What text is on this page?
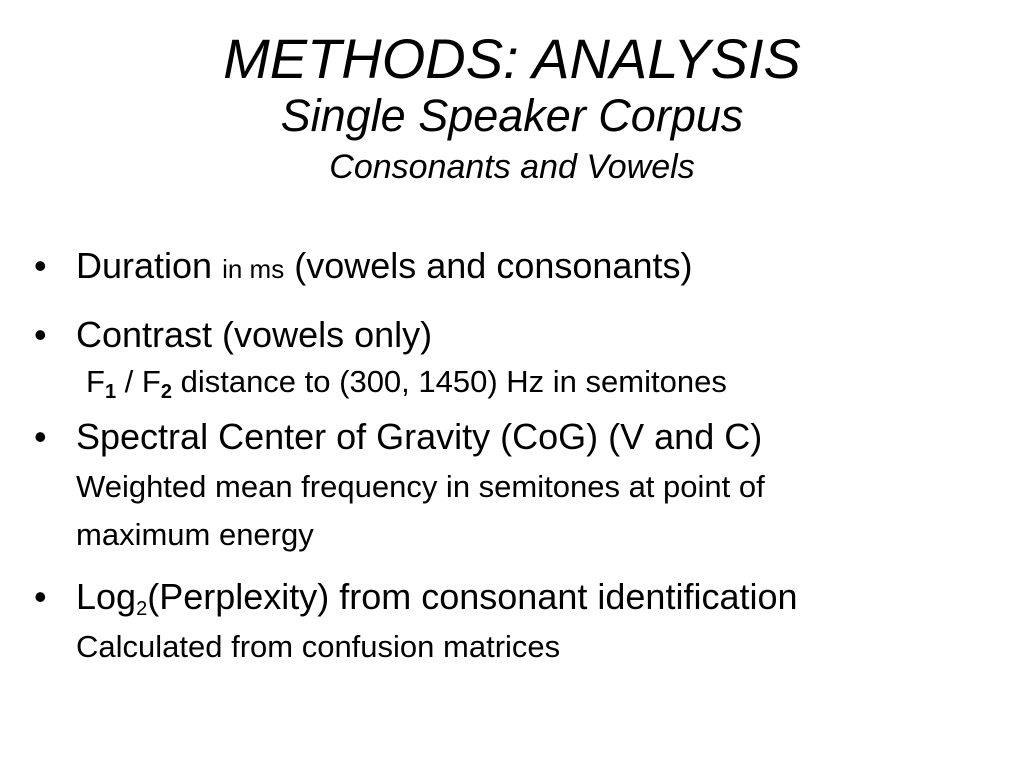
METHODS: ANALYSIS
Single Speaker Corpus
Consonants and Vowels
• Duration in ms (vowels and consonants)
• Contrast (vowels only)
$F_1 / F_2$ distance to (300, 1450) Hz in semitones
• Spectral Center of Gravity (CoG) (V and C)
Weighted mean frequency in semitones at point of
maximum energy
• Log$_2$(Perplexity) from consonant identification
Calculated from confusion matrices
